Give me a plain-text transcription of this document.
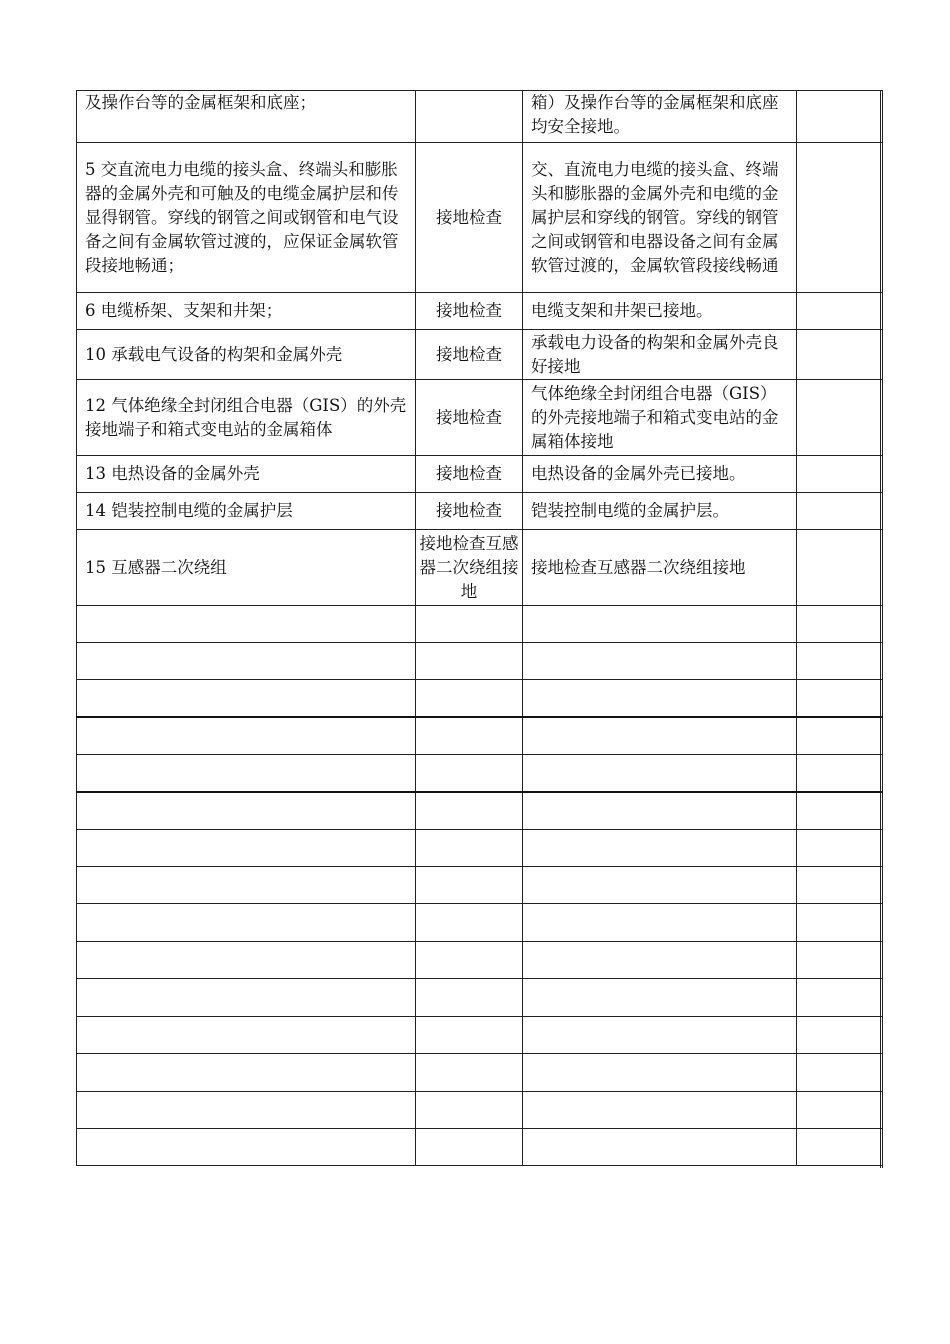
及操作台等的金属框架和底座；		箱）及操作台等的金属框架和底座均安全接地。	
5 交直流电力电缆的接头盒、终端头和膨胀器的金属外壳和可触及的电缆金属护层和传显得钢管。穿线的钢管之间或钢管和电气设备之间有金属软管过渡的，应保证金属软管段接地畅通；	接地检查	交、直流电力电缆的接头盒、终端头和膨胀器的金属外壳和电缆的金属护层和穿线的钢管。穿线的钢管之间或钢管和电器设备之间有金属软管过渡的，金属软管段接线畅通	
6 电缆桥架、支架和井架；	接地检查	电缆支架和井架已接地。	
10 承载电气设备的构架和金属外壳	接地检查	承载电力设备的构架和金属外壳良好接地	
12 气体绝缘全封闭组合电器（GIS）的外壳接地端子和箱式变电站的金属箱体	接地检查	气体绝缘全封闭组合电器（GIS）的外壳接地端子和箱式变电站的金属箱体接地	
13 电热设备的金属外壳	接地检查	电热设备的金属外壳已接地。	
14 铠装控制电缆的金属护层	接地检查	铠装控制电缆的金属护层。	
15 互感器二次绕组	接地检查互感器二次绕组接地	接地检查互感器二次绕组接地	
